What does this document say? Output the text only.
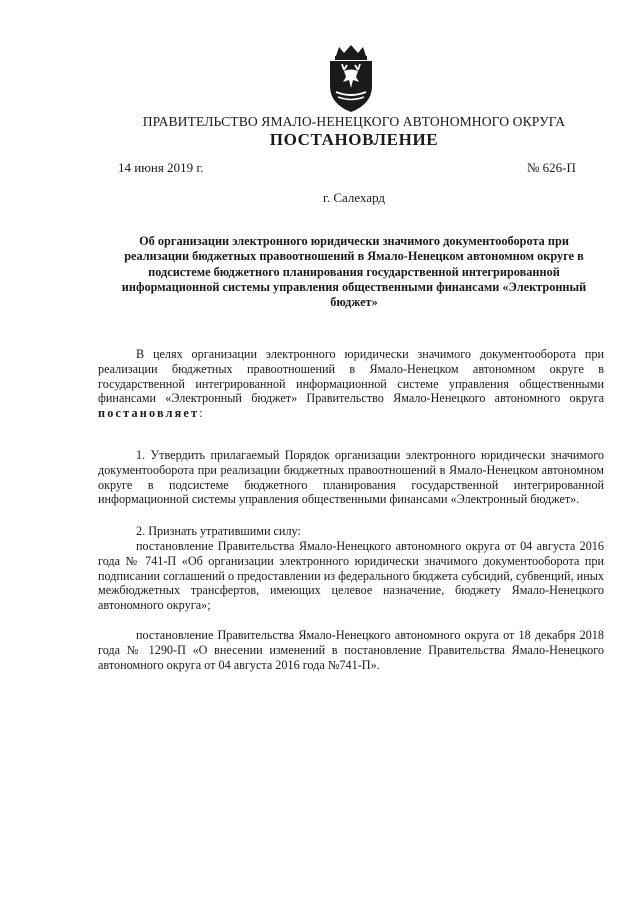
ПРАВИТЕЛЬСТВО ЯМАЛО-НЕНЕЦКОГО АВТОНОМНОГО ОКРУГА
ПОСТАНОВЛЕНИЕ
14 июня 2019 г.	№ 626-П
г. Салехард
Об организации электронного юридически значимого документооборота при реализации бюджетных правоотношений в Ямало-Ненецком автономном округе в подсистеме бюджетного планирования государственной интегрированной информационной системы управления общественными финансами «Электронный бюджет»
В целях организации электронного юридически значимого документооборота при реализации бюджетных правоотношений в Ямало-Ненецком автономном округе в государственной интегрированной информационной системе управления общественными финансами «Электронный бюджет» Правительство Ямало-Ненецкого автономного округа постановляет:
1. Утвердить прилагаемый Порядок организации электронного юридически значимого документооборота при реализации бюджетных правоотношений в Ямало-Ненецком автономном округе в подсистеме бюджетного планирования государственной интегрированной информационной системы управления общественными финансами «Электронный бюджет».
2. Признать утратившими силу:
постановление Правительства Ямало-Ненецкого автономного округа от 04 августа 2016 года № 741-П «Об организации электронного юридически значимого документооборота при подписании соглашений о предоставлении из федерального бюджета субсидий, субвенций, иных межбюджетных трансфертов, имеющих целевое назначение, бюджету Ямало-Ненецкого автономного округа»;
постановление Правительства Ямало-Ненецкого автономного округа от 18 декабря 2018 года № 1290-П «О внесении изменений в постановление Правительства Ямало-Ненецкого автономного округа от 04 августа 2016 года №741-П».
